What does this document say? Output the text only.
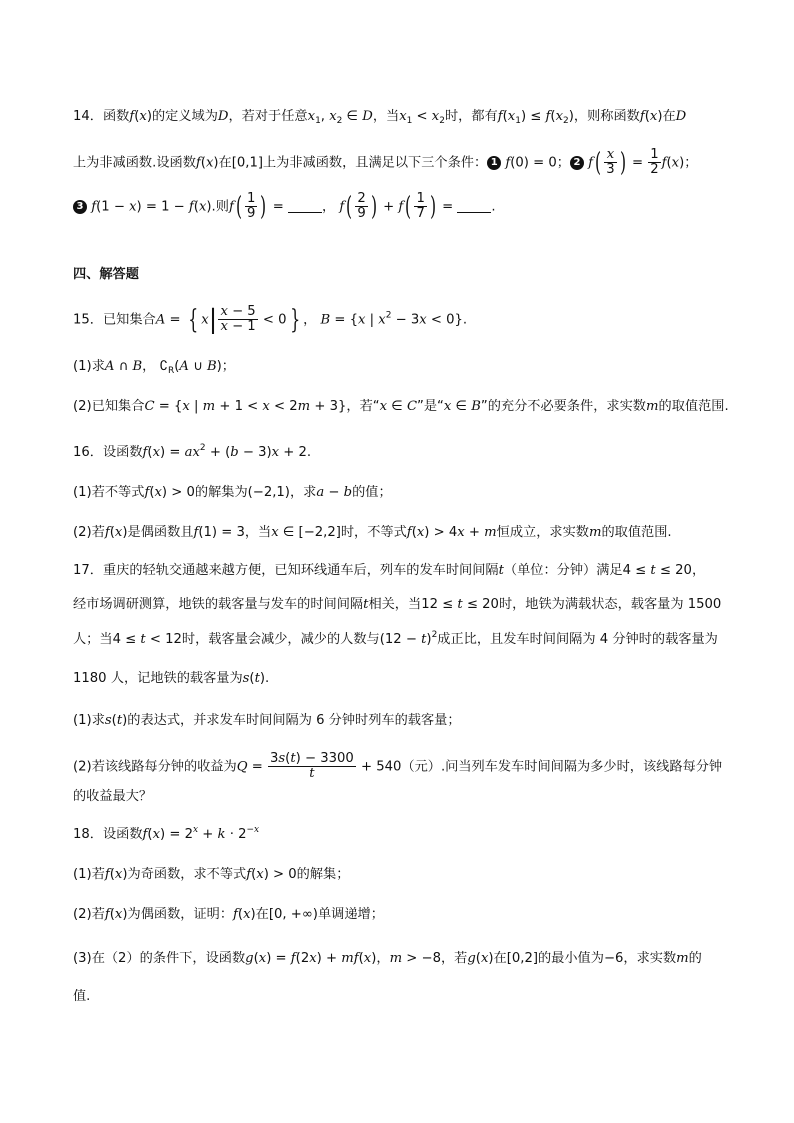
14．函数f(x)的定义域为D，若对于任意$x_1$, $x_2$ ∈ D，当$x_1 < x_2$时，都有$f(x_1) \le f(x_2)$，则称函数f(x)在D
上为非减函数.设函数f(x)在[0,1]上为非减函数，且满足以下三个条件： 1 f(0) = 0； 2 $f( \frac{x}{3}$ ) = $\frac{1}{2} f(x)$；
3 f(1 − x) = 1 − f(x).则$f( \frac{1}{9}$ ) =	， $f( \frac{2}{9}$ ) + $f( \frac{1}{7}$ ) =	.
四、解答题
15．已知集合A = { $x| \frac{x - 5}{x - 1} < 0$ } ， B = {x | $x^2 - 3x < 0$}.
(1)求A ∩ B， $∁_R(A$ ∪ B)；
(2)已知集合C = {x | m + 1 < x < 2m + 3}，若“x ∈ C”是“x ∈ B”的充分不必要条件，求实数m的取值范围.
16．设函数$f(x) = ax^2 + (b - 3)x + 2$.
(1)若不等式f(x) > 0的解集为(−2,1)，求a − b的值；
(2)若f(x)是偶函数且f(1) = 3，当x ∈ [−2,2]时，不等式f(x) > 4x + m恒成立，求实数m的取值范围.
17．重庆的轻轨交通越来越方便，已知环线通车后，列车的发车时间间隔t（单位：分钟）满足4 ≤ t ≤ 20，
经市场调研测算，地铁的载客量与发车的时间间隔t相关，当12 ≤ t ≤ 20时，地铁为满载状态，载客量为 1500
人；当4 ≤ t < 12时，载客量会减少，减少的人数与$(12 - t)^2$成正比，且发车时间间隔为 4 分钟时的载客量为
1180 人，记地铁的载客量为s(t).
(1)求s(t)的表达式，并求发车时间间隔为 6 分钟时列车的载客量；
(2)若该线路每分钟的收益为$Q = \frac{3s(t) - 3300}{t} + 540$（元）.问当列车发车时间间隔为多少时，该线路每分钟
的收益最大？
18．设函数$f(x) = 2^x + k \cdot 2^{-x}$
(1)若f(x)为奇函数，求不等式f(x) > 0的解集；
(2)若f(x)为偶函数，证明：f(x)在[0, +∞)单调递增；
(3)在（2）的条件下，设函数g(x) = f(2x) + mf(x)，m > −8，若g(x)在[0,2]的最小值为−6，求实数m的
值.
